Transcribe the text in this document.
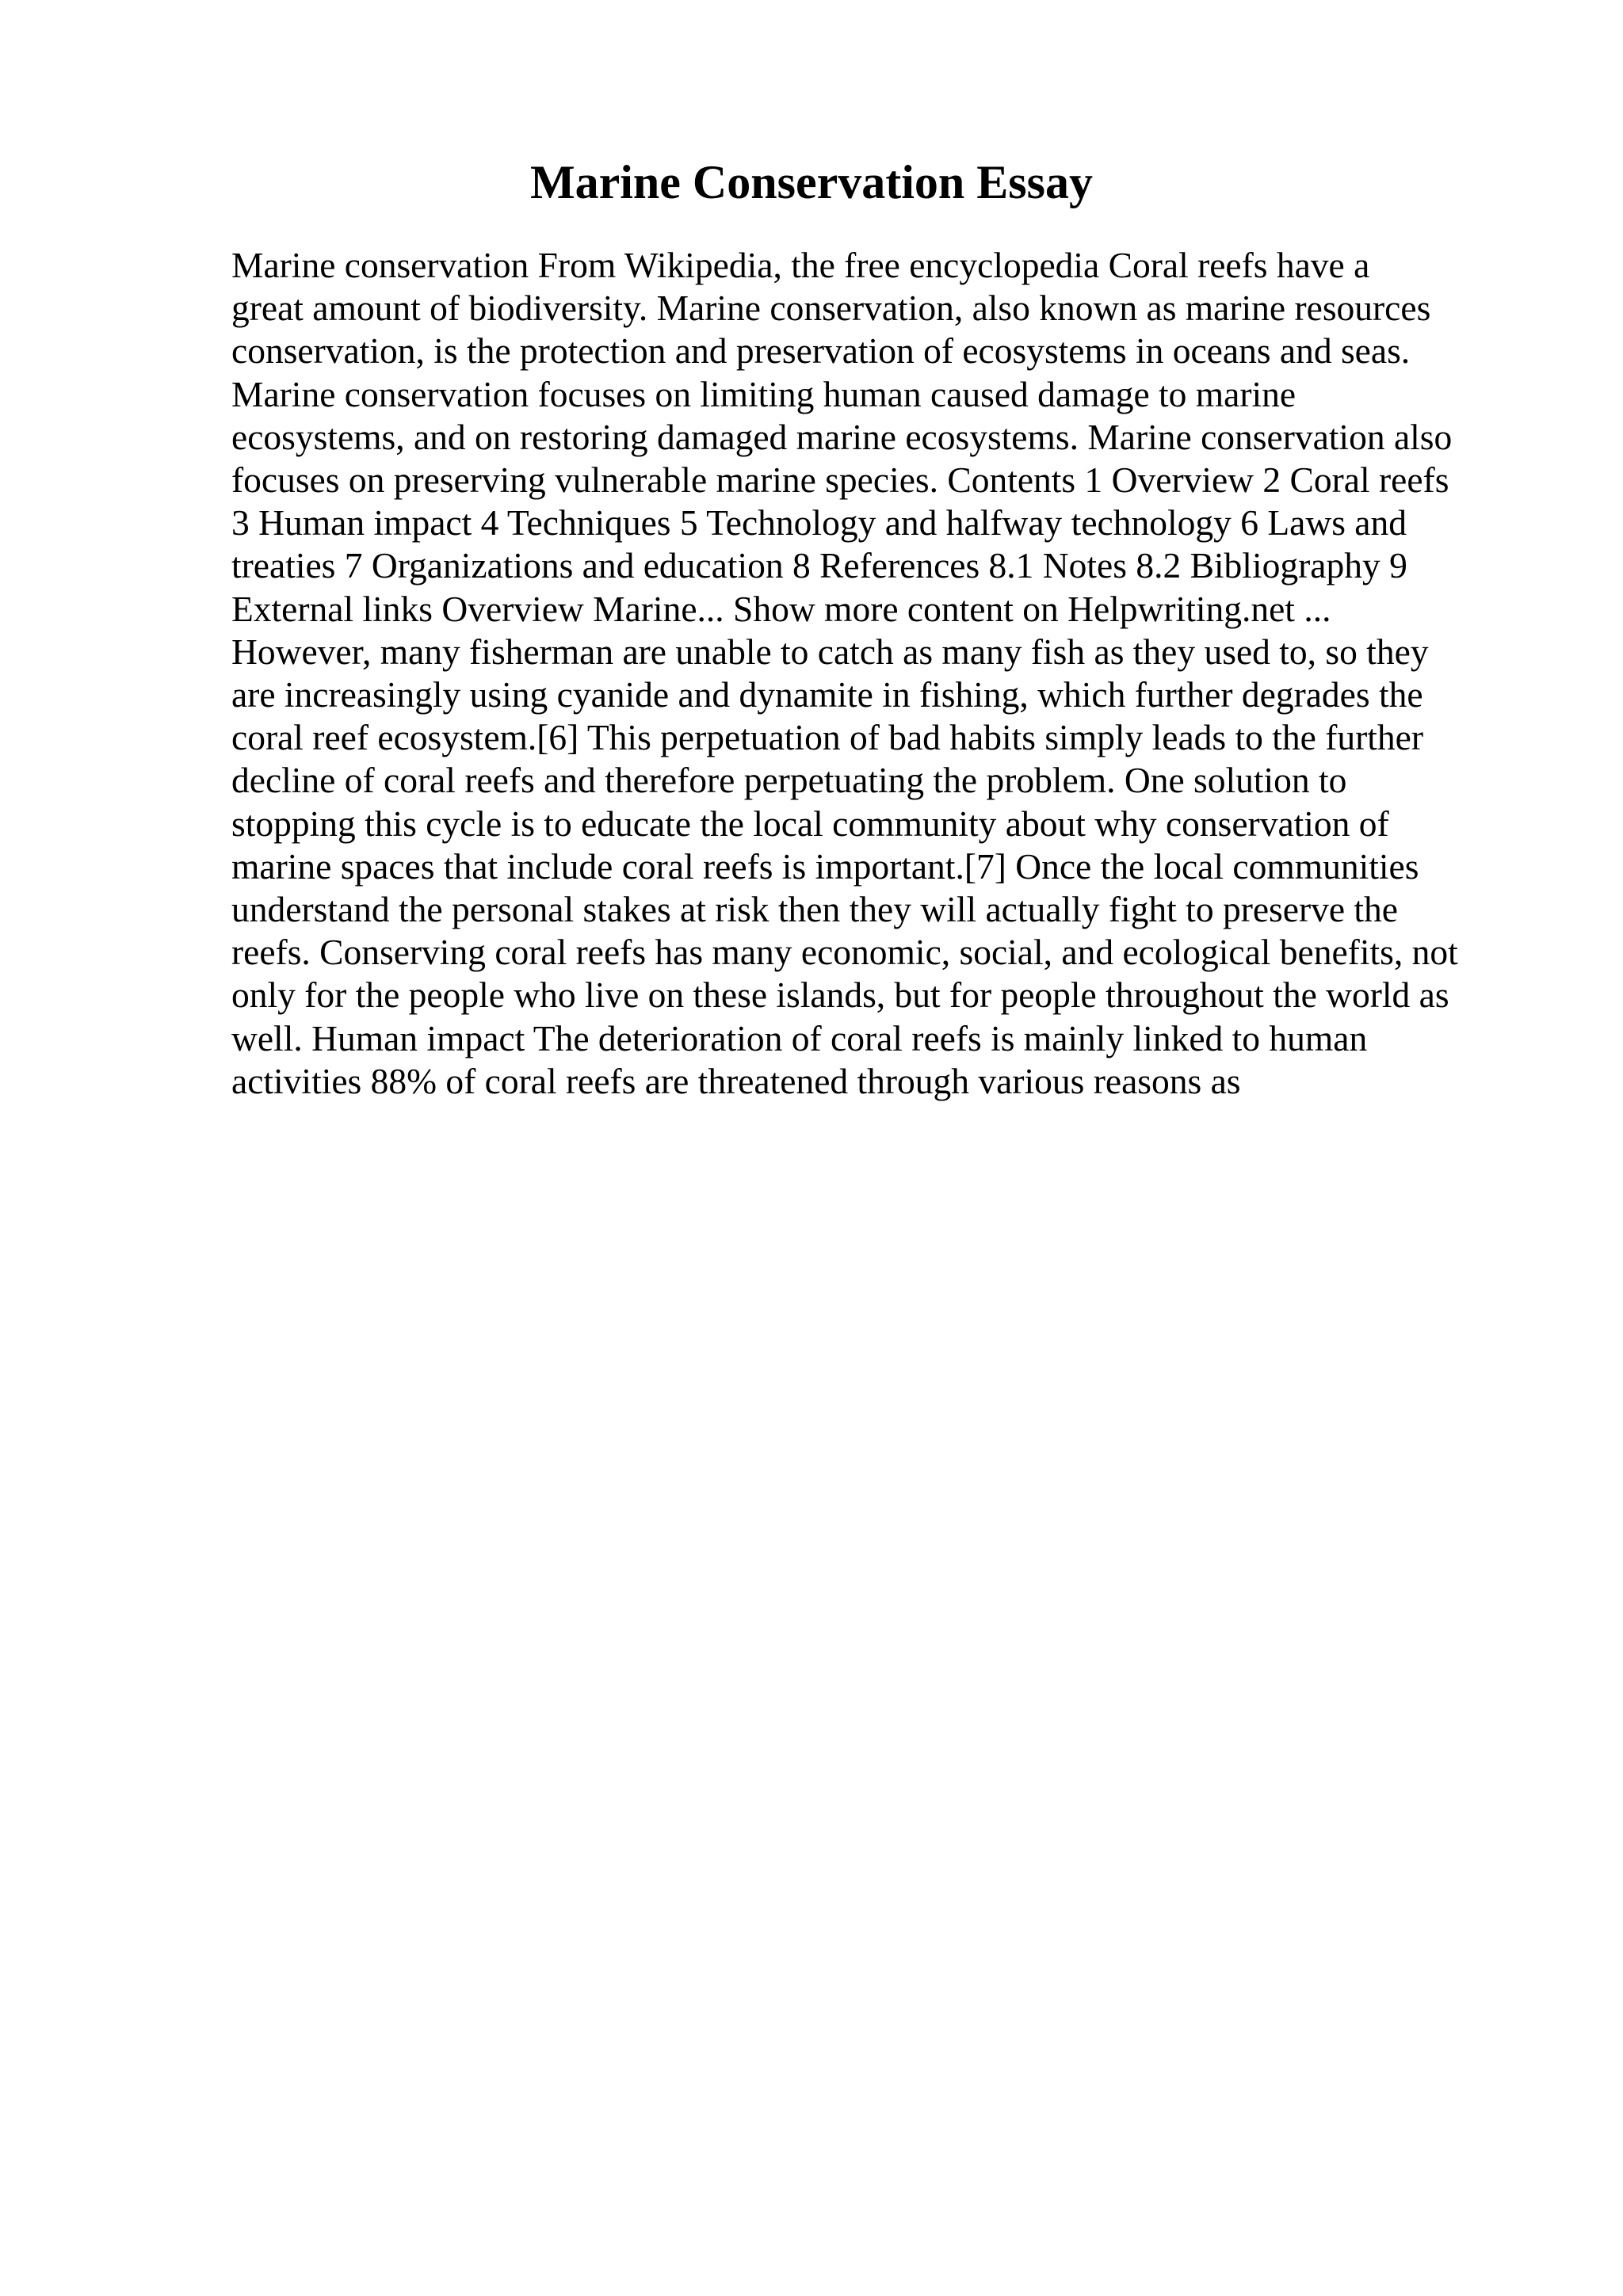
Marine Conservation Essay
Marine conservation From Wikipedia, the free encyclopedia Coral reefs have a
great amount of biodiversity. Marine conservation, also known as marine resources
conservation, is the protection and preservation of ecosystems in oceans and seas.
Marine conservation focuses on limiting human caused damage to marine
ecosystems, and on restoring damaged marine ecosystems. Marine conservation also
focuses on preserving vulnerable marine species. Contents 1 Overview 2 Coral reefs
3 Human impact 4 Techniques 5 Technology and halfway technology 6 Laws and
treaties 7 Organizations and education 8 References 8.1 Notes 8.2 Bibliography 9
External links Overview Marine... Show more content on Helpwriting.net ...
However, many fisherman are unable to catch as many fish as they used to, so they
are increasingly using cyanide and dynamite in fishing, which further degrades the
coral reef ecosystem.[6] This perpetuation of bad habits simply leads to the further
decline of coral reefs and therefore perpetuating the problem. One solution to
stopping this cycle is to educate the local community about why conservation of
marine spaces that include coral reefs is important.[7] Once the local communities
understand the personal stakes at risk then they will actually fight to preserve the
reefs. Conserving coral reefs has many economic, social, and ecological benefits, not
only for the people who live on these islands, but for people throughout the world as
well. Human impact The deterioration of coral reefs is mainly linked to human
activities 88% of coral reefs are threatened through various reasons as
